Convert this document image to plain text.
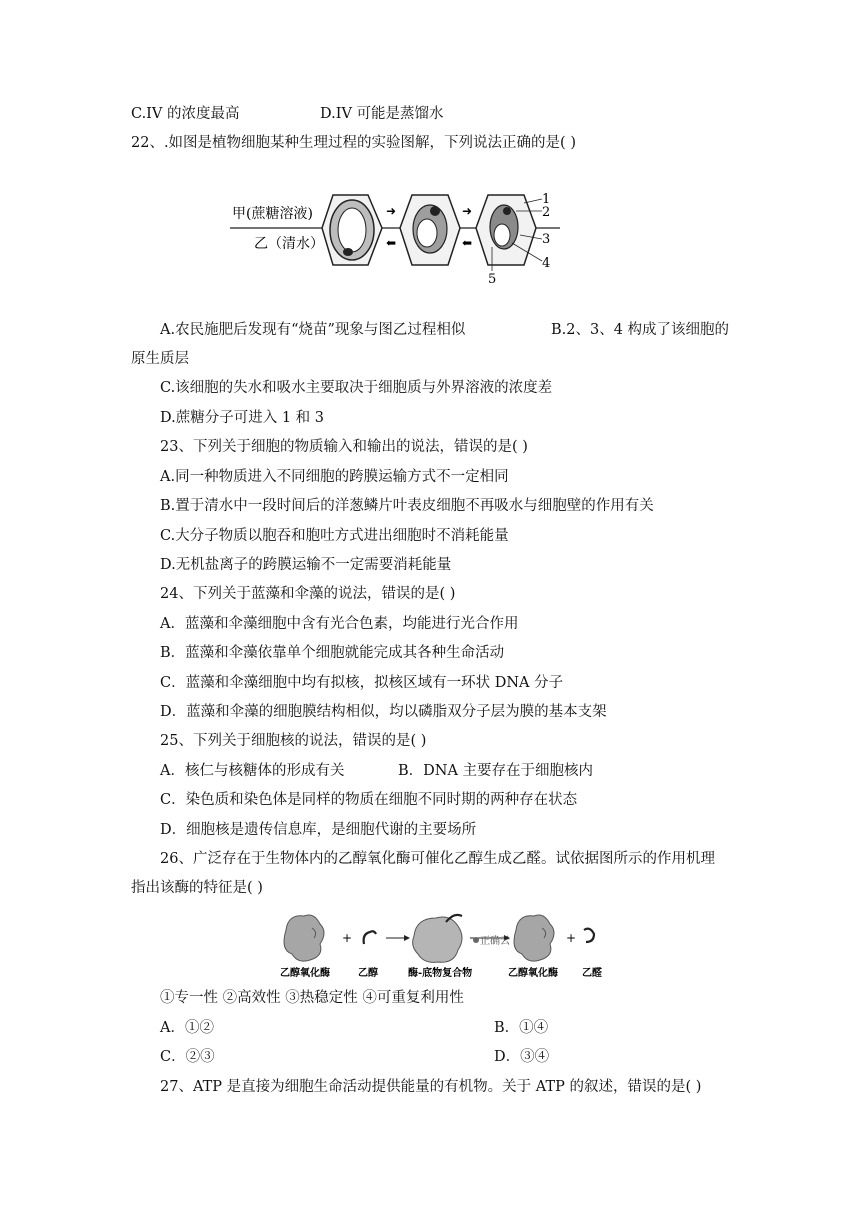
C.IV 的浓度最高	D.IV 可能是蒸馏水
22、.如图是植物细胞某种生理过程的实验图解，下列说法正确的是( )
甲(蔗糖溶液)
乙（清水）
➜
⬅
➜
⬅
1
2
3
4
5
A.农民施肥后发现有“烧苗”现象与图乙过程相似	B.2、3、4 构成了该细胞的
原生质层
C.该细胞的失水和吸水主要取决于细胞质与外界溶液的浓度差
D.蔗糖分子可进入 1 和 3
23、下列关于细胞的物质输入和输出的说法，错误的是( )
A.同一种物质进入不同细胞的跨膜运输方式不一定相同
B.置于清水中一段时间后的洋葱鳞片叶表皮细胞不再吸水与细胞壁的作用有关
C.大分子物质以胞吞和胞吐方式进出细胞时不消耗能量
D.无机盐离子的跨膜运输不一定需要消耗能量
24、下列关于蓝藻和伞藻的说法，错误的是( )
A．蓝藻和伞藻细胞中含有光合色素，均能进行光合作用
B．蓝藻和伞藻依靠单个细胞就能完成其各种生命活动
C．蓝藻和伞藻细胞中均有拟核，拟核区域有一环状 DNA 分子
D．蓝藻和伞藻的细胞膜结构相似，均以磷脂双分子层为膜的基本支架
25、下列关于细胞核的说法，错误的是( )
A．核仁与核糖体的形成有关	B．DNA 主要存在于细胞核内
C．染色质和染色体是同样的物质在细胞不同时期的两种存在状态
D．细胞核是遗传信息库，是细胞代谢的主要场所
26、广泛存在于生物体内的乙醇氧化酶可催化乙醇生成乙醛。试依据图所示的作用机理
指出该酶的特征是( )
+	正确云	+
乙醇氧化酶	乙醇	酶-底物复合物	乙醇氧化酶 乙醛
①专一性 ②高效性 ③热稳定性 ④可重复利用性
A．①②	B．①④
C．②③	D．③④
27、ATP 是直接为细胞生命活动提供能量的有机物。关于 ATP 的叙述，错误的是( )
